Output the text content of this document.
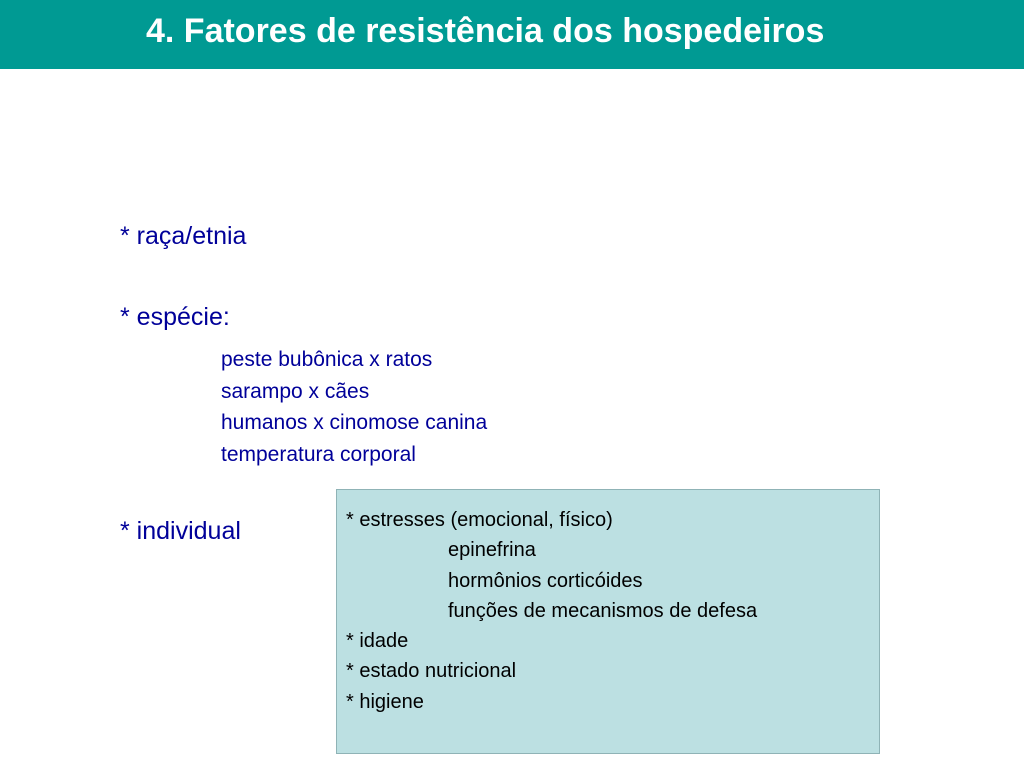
4. Fatores de resistência dos hospedeiros
* raça/etnia
* espécie:
peste bubônica x ratos
sarampo x cães
humanos x cinomose canina
temperatura corporal
* individual	* estresses (emocional, físico)
epinefrina
hormônios corticóides
funções de mecanismos de defesa
* idade
* estado nutricional
* higiene
